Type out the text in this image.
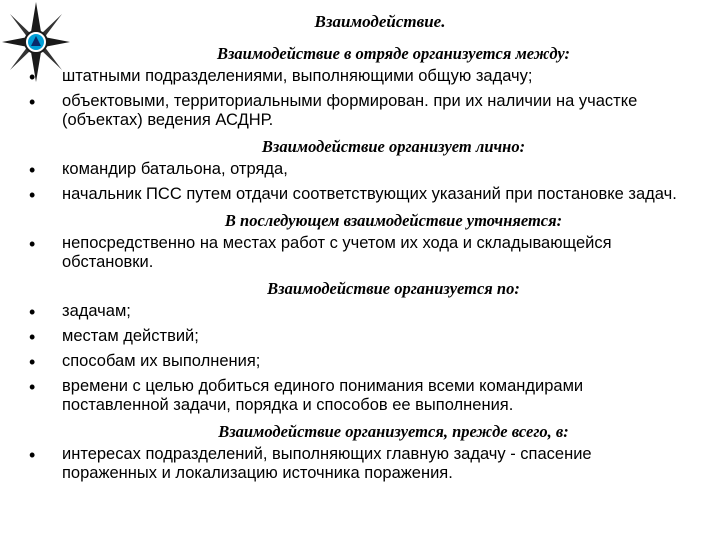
Взаимодействие.
Взаимодействие в отряде организуется между:
• штатными подразделениями, выполняющими общую задачу;
• объектовыми, территориальными формирован. при их наличии на участке (объектах) ведения АСДНР.
Взаимодействие организует лично:
• командир батальона, отряда,
• начальник ПСС путем отдачи соответствующих указаний при постановке задач.
В последующем взаимодействие уточняется:
• непосредственно на местах работ с учетом их хода и складывающейся обстановки.
Взаимодействие организуется по:
• задачам;
• местам действий;
• способам их выполнения;
• времени с целью добиться единого понимания всеми командирами поставленной задачи, порядка и способов ее выполнения.
Взаимодействие организуется, прежде всего, в:
• интересах подразделений, выполняющих главную задачу - спасение пораженных и локализацию источника поражения.
